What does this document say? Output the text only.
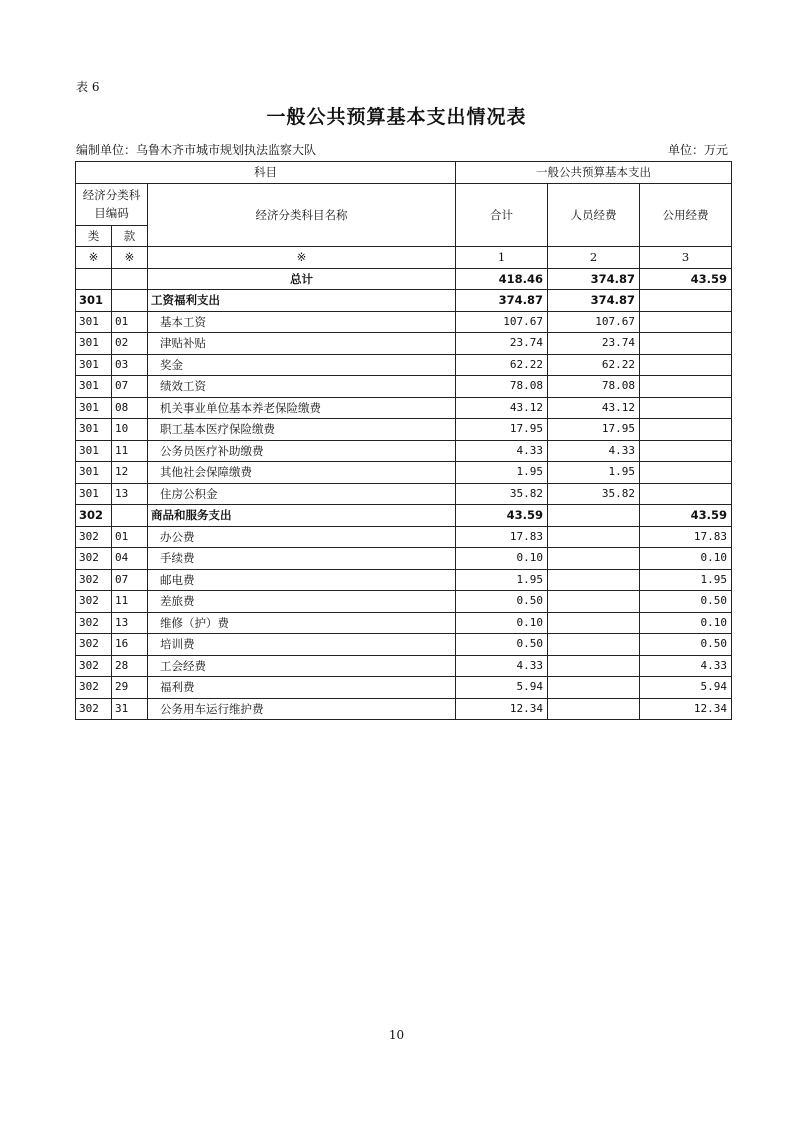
表 6
一般公共预算基本支出情况表
编制单位：乌鲁木齐市城市规划执法监察大队	单位：万元
科目			一般公共预算基本支出		
经济分类科目编码		经济分类科目名称	合计	人员经费	公用经费
类	款				
※	※	※	1	2	3
		总计	418.46	374.87	43.59
301		工资福利支出	374.87	374.87	
301	01	基本工资	107.67	107.67	
301	02	津贴补贴	23.74	23.74	
301	03	奖金	62.22	62.22	
301	07	绩效工资	78.08	78.08	
301	08	机关事业单位基本养老保险缴费	43.12	43.12	
301	10	职工基本医疗保险缴费	17.95	17.95	
301	11	公务员医疗补助缴费	4.33	4.33	
301	12	其他社会保障缴费	1.95	1.95	
301	13	住房公积金	35.82	35.82	
302		商品和服务支出	43.59		43.59
302	01	办公费	17.83		17.83
302	04	手续费	0.10		0.10
302	07	邮电费	1.95		1.95
302	11	差旅费	0.50		0.50
302	13	维修（护）费	0.10		0.10
302	16	培训费	0.50		0.50
302	28	工会经费	4.33		4.33
302	29	福利费	5.94		5.94
302	31	公务用车运行维护费	12.34		12.34
10
